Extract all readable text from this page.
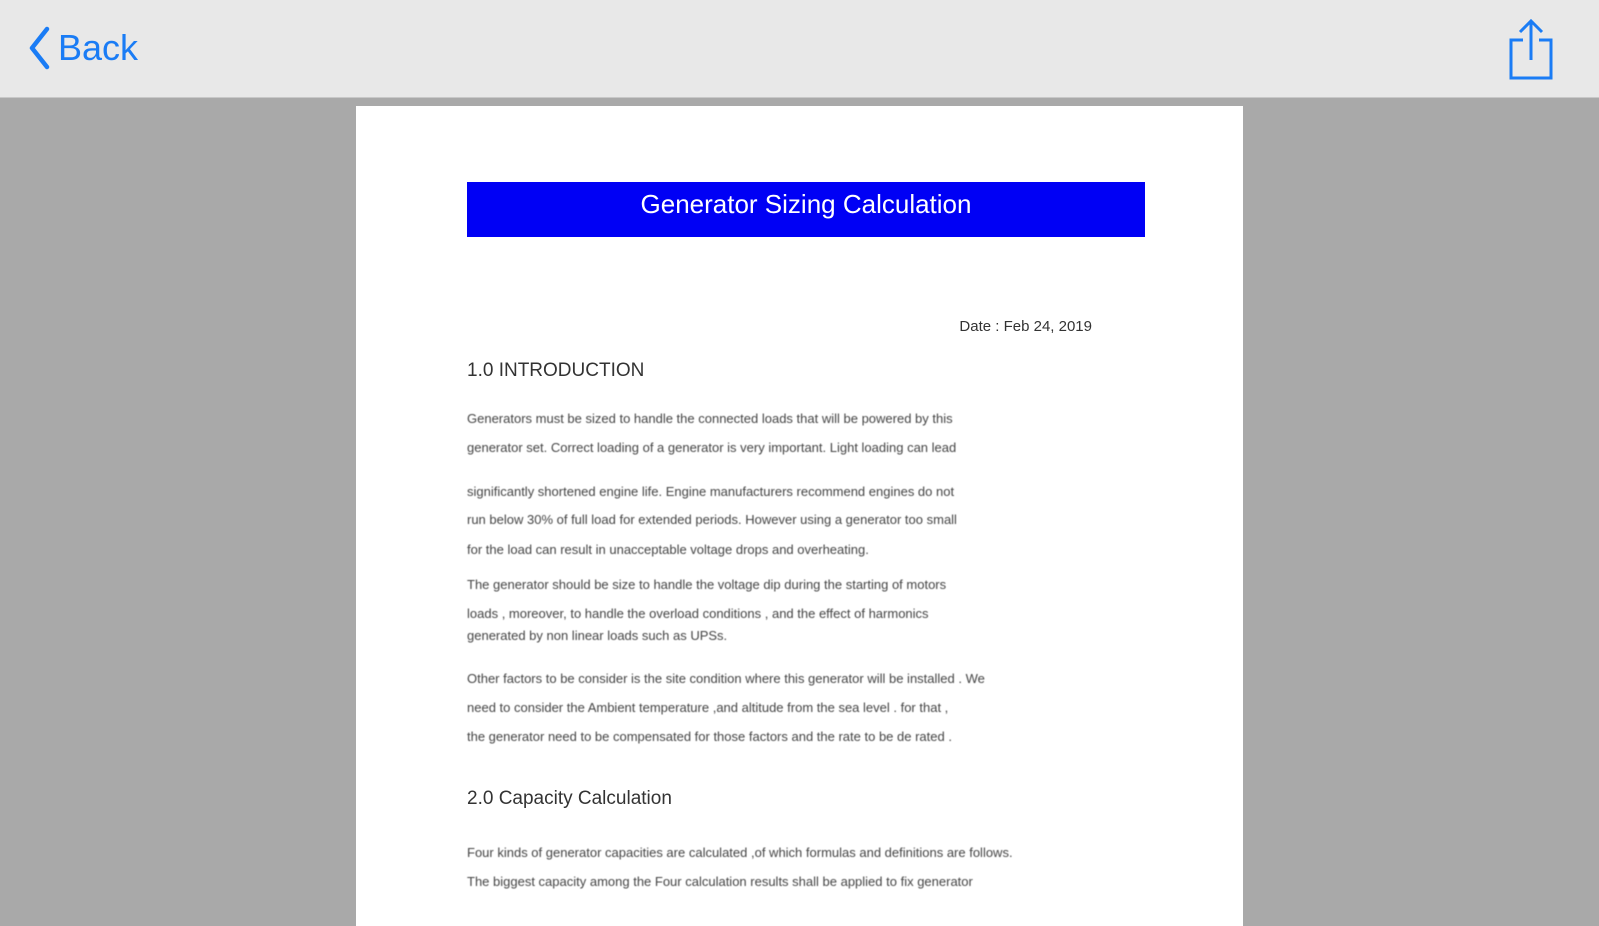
Back
Generator Sizing Calculation
Date : Feb 24, 2019
1.0 INTRODUCTION
Generators must be sized to handle the connected loads that will be powered by this
generator set. Correct loading of a generator is very important. Light loading can lead
significantly shortened engine life. Engine manufacturers recommend engines do not
run below 30% of full load for extended periods. However using a generator too small
for the load can result in unacceptable voltage drops and overheating.
The generator should be size to handle the voltage dip during the starting of motors
loads , moreover, to handle the overload conditions , and the effect of harmonics
generated by non linear loads such as UPSs.
Other factors to be consider is the site condition where this generator will be installed . We
need to consider the Ambient temperature ,and altitude from the sea level . for that ,
the generator need to be compensated for those factors and the rate to be de rated .
2.0 Capacity Calculation
Four kinds of generator capacities are calculated ,of which formulas and definitions are follows.
The biggest capacity among the Four calculation results shall be applied to fix generator
